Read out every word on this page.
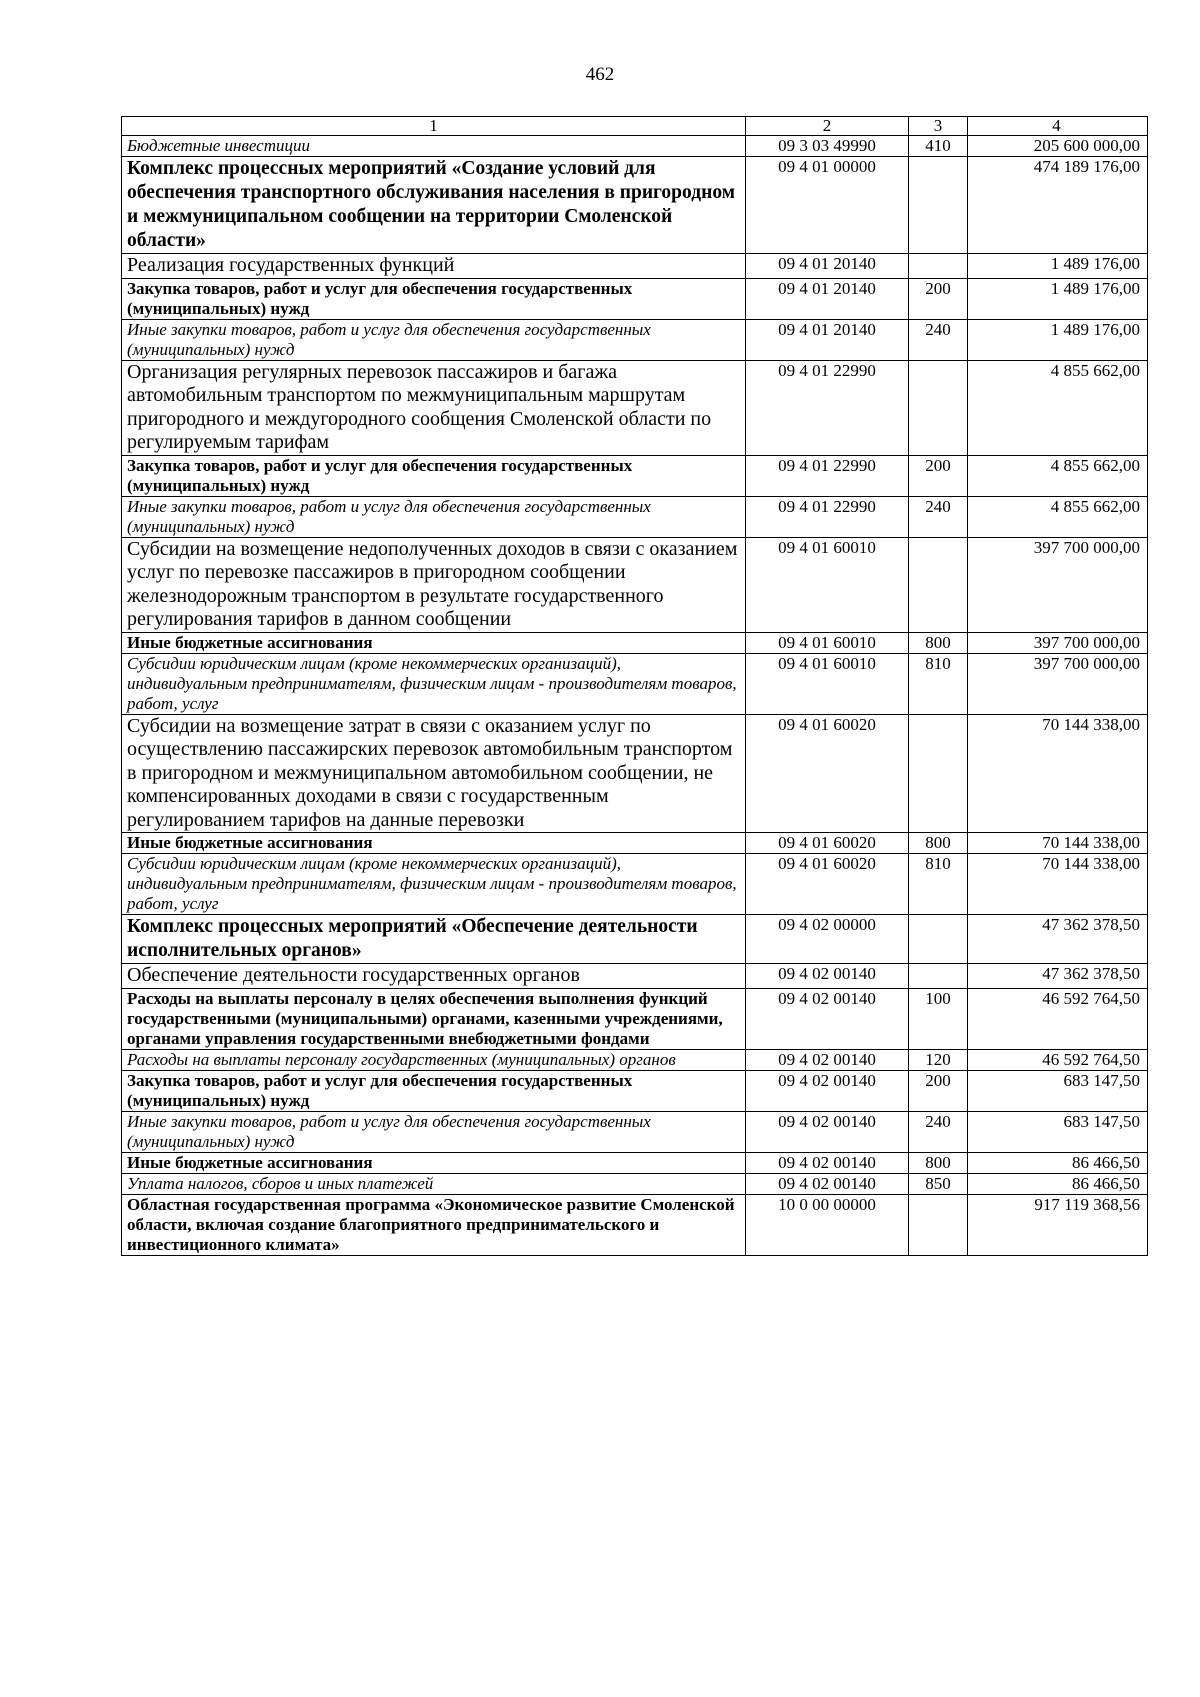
462
1	2	3	4
Бюджетные инвестиции	09 3 03 49990	410	205 600 000,00
Комплекс процессных мероприятий «Создание условий для обеспечения транспортного обслуживания населения в пригородном и межмуниципальном сообщении на территории Смоленской области»	09 4 01 00000		474 189 176,00
Реализация государственных функций	09 4 01 20140		1 489 176,00
Закупка товаров, работ и услуг для обеспечения государственных (муниципальных) нужд	09 4 01 20140	200	1 489 176,00
Иные закупки товаров, работ и услуг для обеспечения государственных (муниципальных) нужд	09 4 01 20140	240	1 489 176,00
Организация регулярных перевозок пассажиров и багажа автомобильным транспортом по межмуниципальным маршрутам пригородного и междугородного сообщения Смоленской области по регулируемым тарифам	09 4 01 22990		4 855 662,00
Закупка товаров, работ и услуг для обеспечения государственных (муниципальных) нужд	09 4 01 22990	200	4 855 662,00
Иные закупки товаров, работ и услуг для обеспечения государственных (муниципальных) нужд	09 4 01 22990	240	4 855 662,00
Субсидии на возмещение недополученных доходов в связи с оказанием услуг по перевозке пассажиров в пригородном сообщении железнодорожным транспортом в результате государственного регулирования тарифов в данном сообщении	09 4 01 60010		397 700 000,00
Иные бюджетные ассигнования	09 4 01 60010	800	397 700 000,00
Субсидии юридическим лицам (кроме некоммерческих организаций), индивидуальным предпринимателям, физическим лицам - производителям товаров, работ, услуг	09 4 01 60010	810	397 700 000,00
Субсидии на возмещение затрат в связи с оказанием услуг по осуществлению пассажирских перевозок автомобильным транспортом в пригородном и межмуниципальном автомобильном сообщении, не компенсированных доходами в связи с государственным регулированием тарифов на данные перевозки	09 4 01 60020		70 144 338,00
Иные бюджетные ассигнования	09 4 01 60020	800	70 144 338,00
Субсидии юридическим лицам (кроме некоммерческих организаций), индивидуальным предпринимателям, физическим лицам - производителям товаров, работ, услуг	09 4 01 60020	810	70 144 338,00
Комплекс процессных мероприятий «Обеспечение деятельности исполнительных органов»	09 4 02 00000		47 362 378,50
Обеспечение деятельности государственных органов	09 4 02 00140		47 362 378,50
Расходы на выплаты персоналу в целях обеспечения выполнения функций государственными (муниципальными) органами, казенными учреждениями, органами управления государственными внебюджетными фондами	09 4 02 00140	100	46 592 764,50
Расходы на выплаты персоналу государственных (муниципальных) органов	09 4 02 00140	120	46 592 764,50
Закупка товаров, работ и услуг для обеспечения государственных (муниципальных) нужд	09 4 02 00140	200	683 147,50
Иные закупки товаров, работ и услуг для обеспечения государственных (муниципальных) нужд	09 4 02 00140	240	683 147,50
Иные бюджетные ассигнования	09 4 02 00140	800	86 466,50
Уплата налогов, сборов и иных платежей	09 4 02 00140	850	86 466,50
Областная государственная программа «Экономическое развитие Смоленской области, включая создание благоприятного предпринимательского и инвестиционного климата»	10 0 00 00000		917 119 368,56
